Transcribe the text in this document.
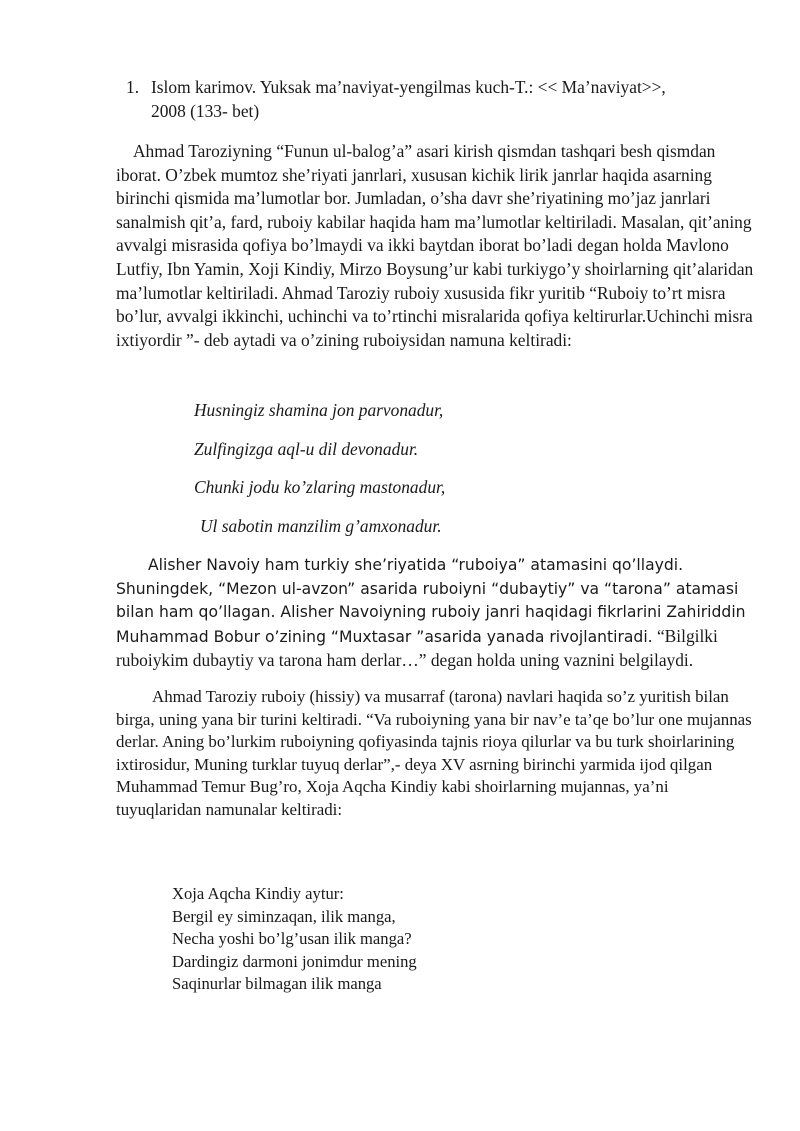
1. Islom karimov. Yuksak ma’naviyat-yengilmas kuch-T.: << Ma’naviyat>>,
2008 (133- bet)
Ahmad Taroziyning “Funun ul-balog’a” asari kirish qismdan tashqari besh qismdan iborat. O’zbek mumtoz she’riyati janrlari, xususan kichik lirik janrlar haqida asarning birinchi qismida ma’lumotlar bor. Jumladan, o’sha davr she’riyatining mo’jaz janrlari sanalmish qit’a, fard, ruboiy kabilar haqida ham ma’lumotlar keltiriladi. Masalan, qit’aning avvalgi misrasida qofiya bo’lmaydi va ikki baytdan iborat bo’ladi degan holda Mavlono Lutfiy, Ibn Yamin, Xoji Kindiy, Mirzo Boysung’ur kabi turkiygo’y shoirlarning qit’alaridan ma’lumotlar keltiriladi. Ahmad Taroziy ruboiy xususida fikr yuritib “Ruboiy to’rt misra bo’lur, avvalgi ikkinchi, uchinchi va to’rtinchi misralarida qofiya keltirurlar.Uchinchi misra ixtiyordir ”- deb aytadi va o’zining ruboiysidan namuna keltiradi:
Husningiz shamina jon parvonadur,
Zulfingizga aql-u dil devonadur.
Chunki jodu ko’zlaring mastonadur,
Ul sabotin manzilim g’amxonadur.
Alisher Navoiy ham turkiy she’riyatida “ruboiya” atamasini qo’llaydi. Shuningdek, “Mezon ul-avzon” asarida ruboiyni “dubaytiy” va “tarona” atamasi bilan ham qo’llagan. Alisher Navoiyning ruboiy janri haqidagi fikrlarini Zahiriddin Muhammad Bobur o’zining “Muxtasar ”asarida yanada rivojlantiradi. “Bilgilki ruboiykim dubaytiy va tarona ham derlar…” degan holda uning vaznini belgilaydi.
Ahmad Taroziy ruboiy (hissiy) va musarraf (tarona) navlari haqida so’z yuritish bilan birga, uning yana bir turini keltiradi. “Va ruboiyning yana bir nav’e ta’qe bo’lur one mujannas derlar. Aning bo’lurkim ruboiyning qofiyasinda tajnis rioya qilurlar va bu turk shoirlarining ixtirosidur, Muning turklar tuyuq derlar”,- deya XV asrning birinchi yarmida ijod qilgan Muhammad Temur Bug’ro, Xoja Aqcha Kindiy kabi shoirlarning mujannas, ya’ni tuyuqlaridan namunalar keltiradi:
Xoja Aqcha Kindiy aytur:
Bergil ey siminzaqan, ilik manga,
Necha yoshi bo’lg’usan ilik manga?
Dardingiz darmoni jonimdur mening
Saqinurlar bilmagan ilik manga
